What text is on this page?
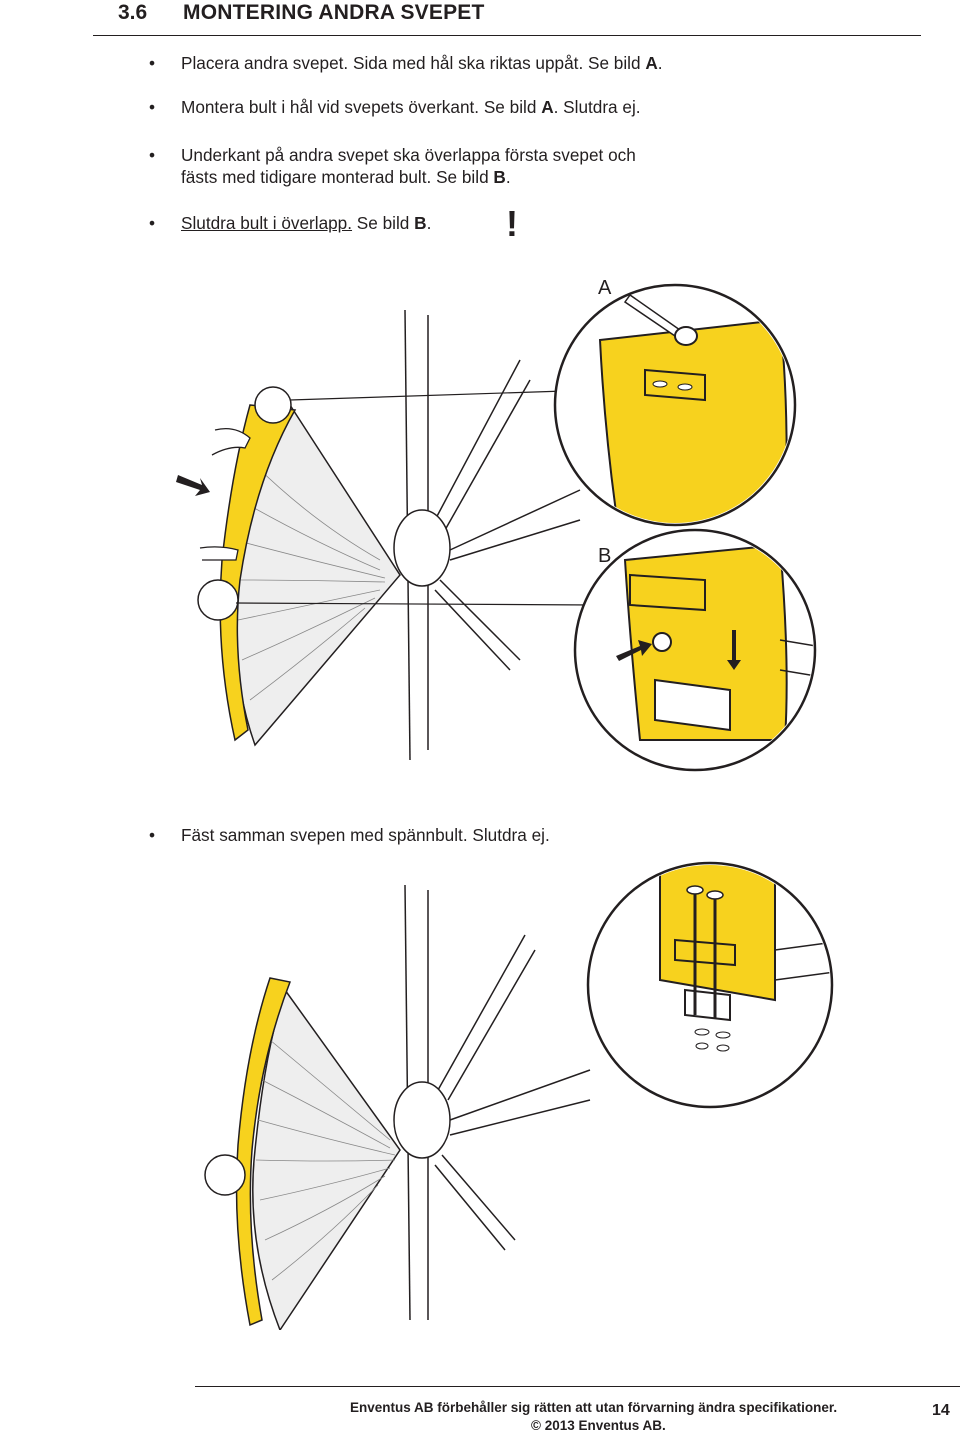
3.6 MONTERING ANDRA SVEPET
• Placera andra svepet. Sida med hål ska riktas uppåt. Se bild A.
• Montera bult i hål vid svepets överkant. Se bild A. Slutdra ej.
• Underkant på andra svepet ska överlappa första svepet och
fästs med tidigare monterad bult. Se bild B.
• Slutdra bult i överlapp. Se bild B.
• Fäst samman svepen med spännbult. Slutdra ej.
!
A
B
Enventus AB förbehåller sig rätten att utan förvarning ändra specifikationer.
© 2013 Enventus AB.
14
